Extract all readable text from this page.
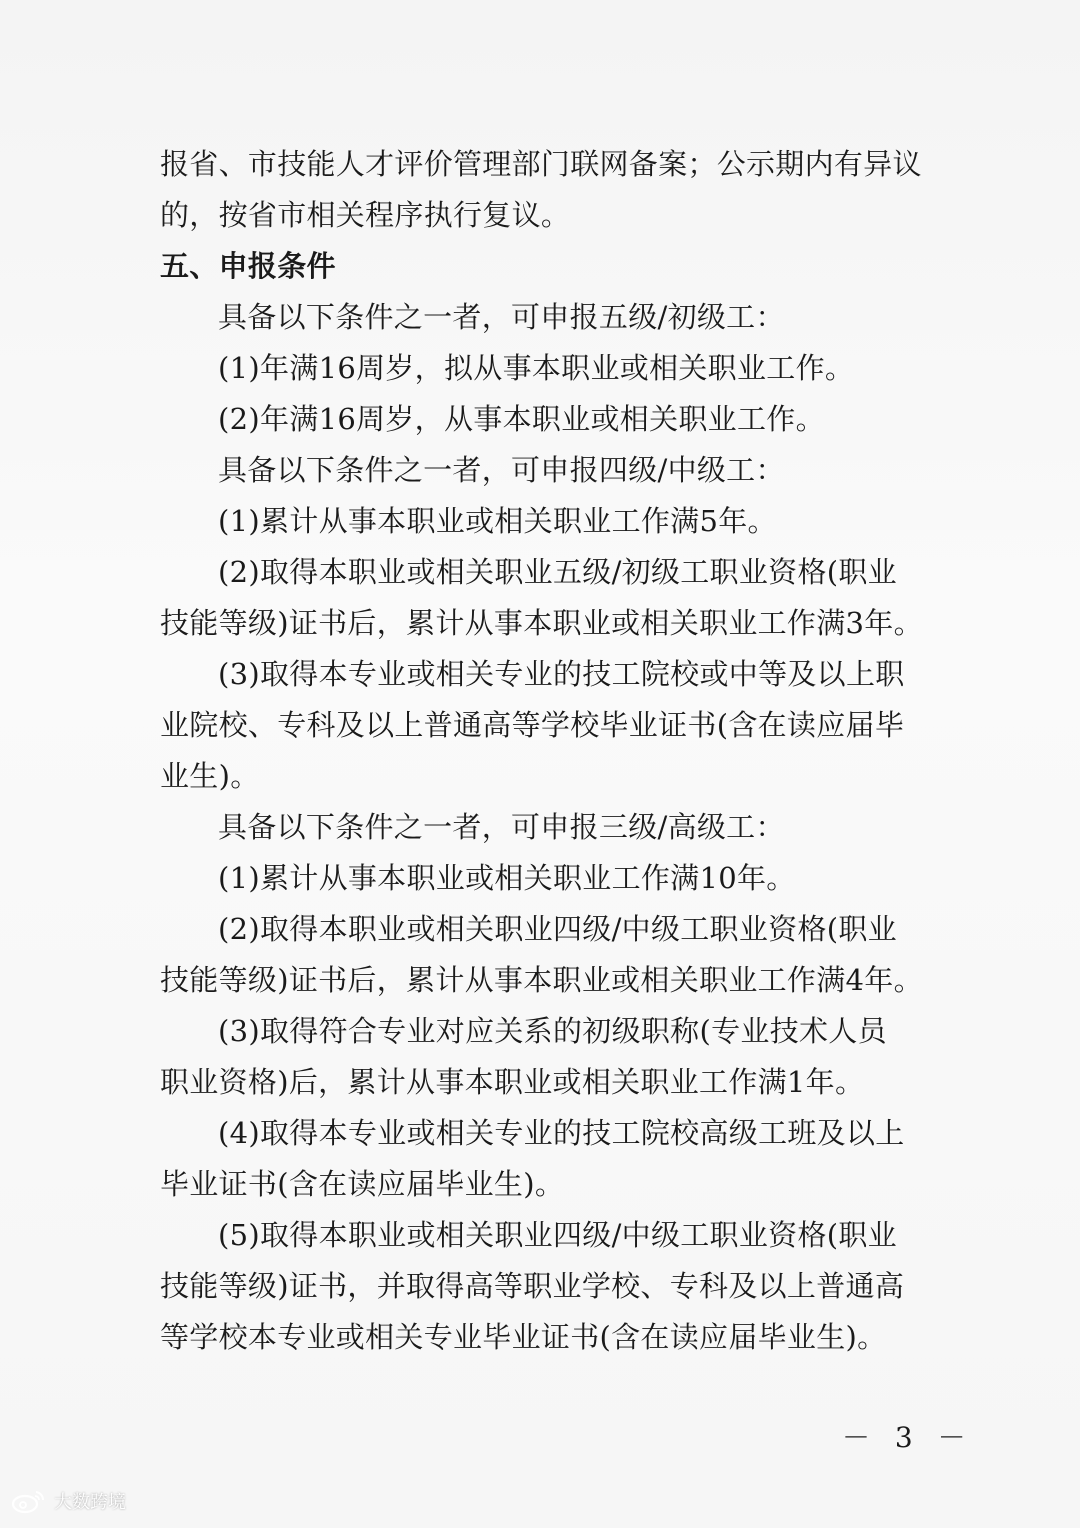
报省、市技能人才评价管理部门联网备案；公示期内有异议
的，按省市相关程序执行复议。
五、申报条件
具备以下条件之一者，可申报五级/初级工：
(1)年满16周岁，拟从事本职业或相关职业工作。
(2)年满16周岁，从事本职业或相关职业工作。
具备以下条件之一者，可申报四级/中级工：
(1)累计从事本职业或相关职业工作满5年。
(2)取得本职业或相关职业五级/初级工职业资格(职业
技能等级)证书后，累计从事本职业或相关职业工作满3年。
(3)取得本专业或相关专业的技工院校或中等及以上职
业院校、专科及以上普通高等学校毕业证书(含在读应届毕
业生)。
具备以下条件之一者，可申报三级/高级工：
(1)累计从事本职业或相关职业工作满10年。
(2)取得本职业或相关职业四级/中级工职业资格(职业
技能等级)证书后，累计从事本职业或相关职业工作满4年。
(3)取得符合专业对应关系的初级职称(专业技术人员
职业资格)后，累计从事本职业或相关职业工作满1年。
(4)取得本专业或相关专业的技工院校高级工班及以上
毕业证书(含在读应届毕业生)。
(5)取得本职业或相关职业四级/中级工职业资格(职业
技能等级)证书，并取得高等职业学校、专科及以上普通高
等学校本专业或相关专业毕业证书(含在读应届毕业生)。
－ 3 －
大数跨境
